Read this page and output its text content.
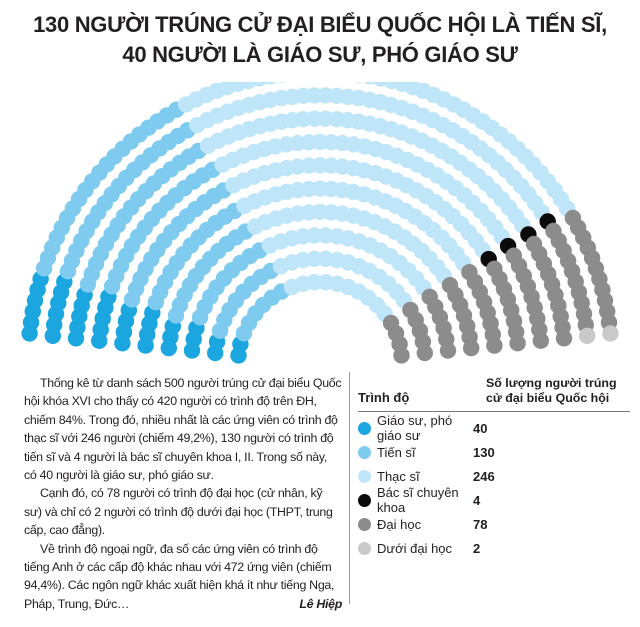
130 NGƯỜI TRÚNG CỬ ĐẠI BIỂU QUỐC HỘI LÀ TIẾN SĨ,
40 NGƯỜI LÀ GIÁO SƯ, PHÓ GIÁO SƯ

Thống kê từ danh sách 500 người trúng cử đại biểu Quốc hội khóa XVI cho thấy có 420 người có trình độ trên ĐH, chiếm 84%. Trong đó, nhiều nhất là các ứng viên có trình độ thạc sĩ với 246 người (chiếm 49,2%), 130 người có trình độ tiến sĩ và 4 người là bác sĩ chuyên khoa I, II. Trong số này, có 40 người là giáo sư, phó giáo sư.

Cạnh đó, có 78 người có trình độ đại học (cử nhân, kỹ sư) và chỉ có 2 người có trình độ dưới đại học (THPT, trung cấp, cao đẳng).

Về trình độ ngoại ngữ, đa số các ứng viên có trình độ tiếng Anh ở các cấp độ khác nhau với 472 ứng viên (chiếm 94,4%). Các ngôn ngữ khác xuất hiện khá ít như tiếng Nga, Pháp, Trung, Đức…	Lê Hiệp

Trình độ
Số lượng người trúng cử đại biểu Quốc hội
Giáo sư, phó giáo sư	40
Tiến sĩ	130
Thạc sĩ	246
Bác sĩ chuyên khoa	4
Đại học	78
Dưới đại học	2
